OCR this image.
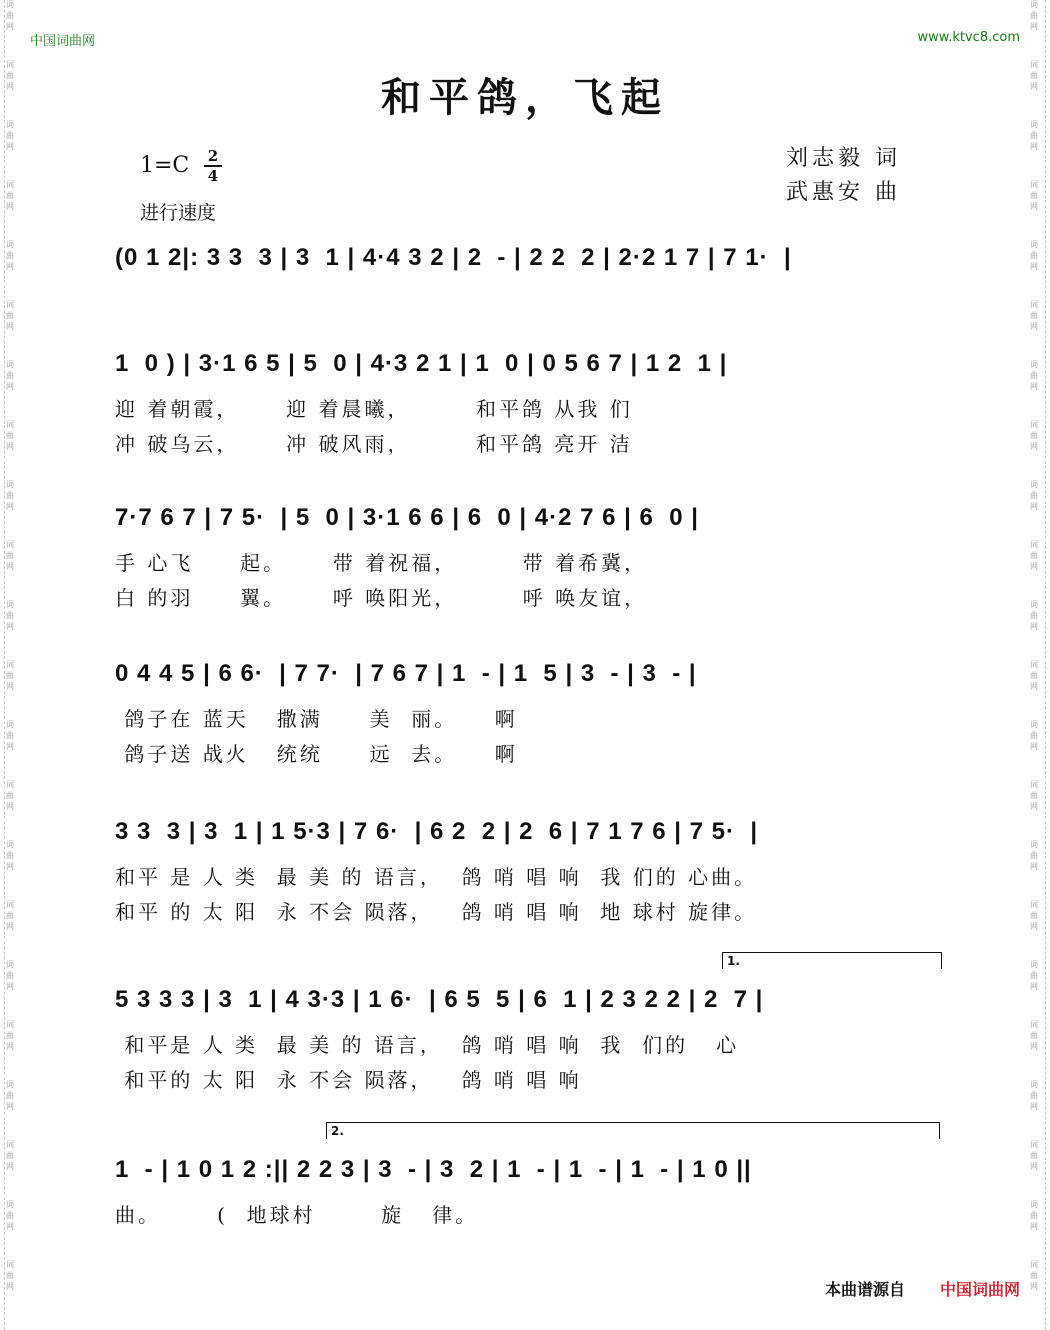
词
曲
网
词
曲
网
词
曲
网
词
曲
网
词
曲
网
词
曲
网
词
曲
网
词
曲
网
词
曲
网
词
曲
网
词
曲
网
词
曲
网
词
曲
网
词
曲
网
词
曲
网
词
曲
网
词
曲
网
词
曲
网
词
曲
网
词
曲
网
词
曲
网
词
曲
网
词
曲
网
词
曲
网
词
曲
网
词
曲
网
词
曲
网
词
曲
网
词
曲
网
词
曲
网
词
曲
网
词
曲
网
词
曲
网
词
曲
网
词
曲
网
词
曲
网
词
曲
网
词
曲
网
词
曲
网
词
曲
网
词
曲
网
词
曲
网
词
曲
网
词
曲
网
中国词曲网	www.ktvc8.com
和平鸽，飞起
1=C 2
4
进行速度
刘志毅 词
武惠安 曲
(0 1 2|: 3 3  3 | 3  1 | 4·4 3 2 | 2  - | 2 2  2 | 2·2 1 7 | 7 1·  |
1  0 ) | 3·1 6 5 | 5  0 | 4·3 2 1 | 1  0 | 0 5 6 7 | 1 2  1 |
迎 着朝霞，     迎 着晨曦，       和平鸽 从我 们
冲 破乌云，     冲 破风雨，       和平鸽 亮开 洁
7·7 6 7 | 7 5·  | 5  0 | 3·1 6 6 | 6  0 | 4·2 7 6 | 6  0 |
手 心飞     起。     带 着祝福，       带 着希冀，
白 的羽     翼。     呼 唤阳光，       呼 唤友谊，
0 4 4 5 | 6 6·  | 7 7·  | 7 6 7 | 1  - | 1  5 | 3  - | 3  - |
鸽子在 蓝天   撒满     美  丽。    啊
鸽子送 战火   统统     远  去。    啊
3 3  3 | 3  1 | 1 5·3 | 7 6·  | 6 2  2 | 2  6 | 7 1 7 6 | 7 5·  |
和平 是 人 类  最 美 的 语言，  鸽 哨 唱 响  我 们的 心曲。
和平 的 太 阳  永 不会 陨落，   鸽 哨 唱 响  地 球村 旋律。
5 3 3 3 | 3  1 | 4 3·3 | 1 6·  | 6 5  5 | 6  1 | 2 3 2 2 | 2  7 |
和平是 人 类  最 美 的 语言，  鸽 哨 唱 响  我  们的   心
和平的 太 阳  永 不会 陨落，   鸽 哨 唱 响
1  - | 1 0 1 2 :|| 2 2 3 | 3  - | 3  2 | 1  - | 1  - | 1  - | 1 0 ||
曲。      (  地球村       旋   律。
1.
2.
本曲谱源自 中国词曲网
